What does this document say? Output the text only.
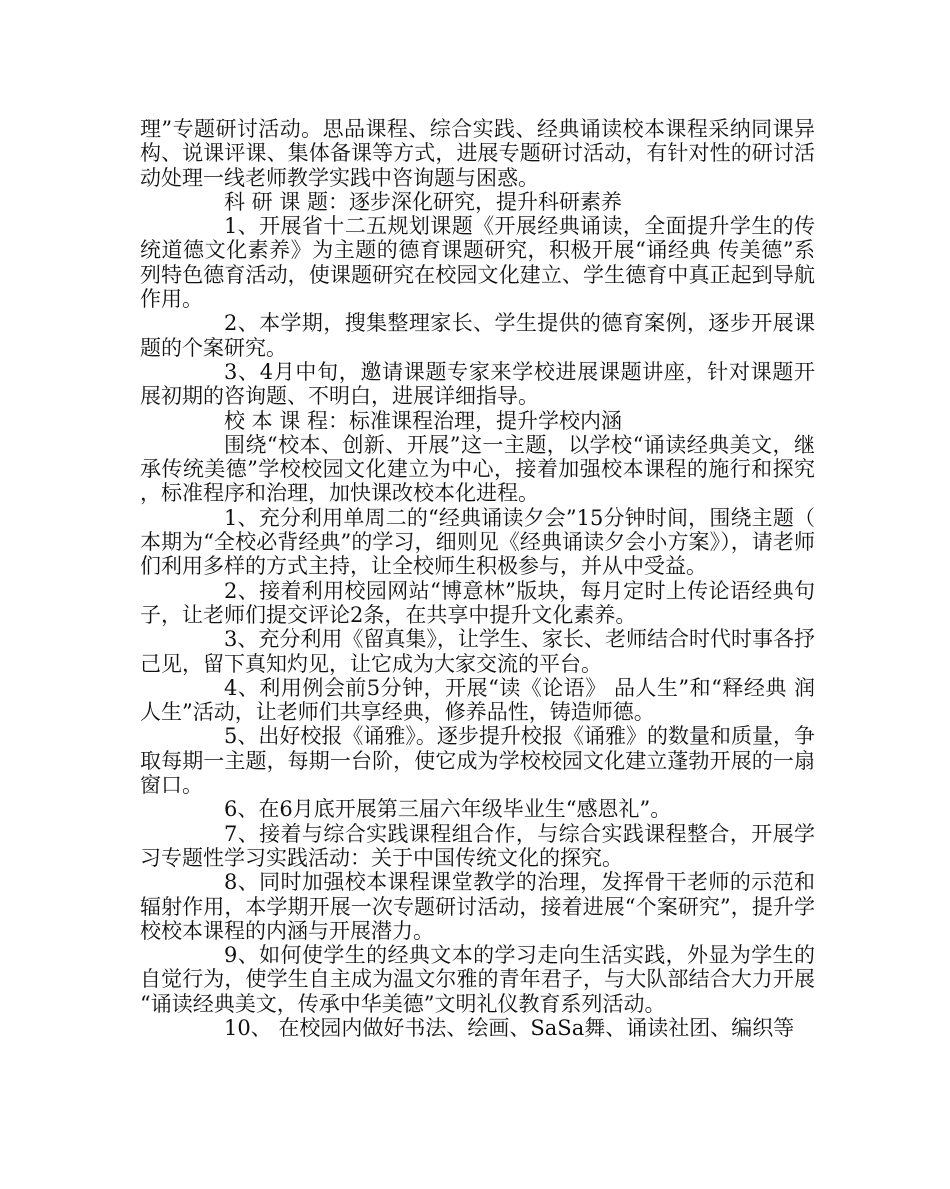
理”专题研讨活动。思品课程、综合实践、经典诵读校本课程采纳同课异构、说课评课、集体备课等方式，进展专题研讨活动，有针对性的研讨活动处理一线老师教学实践中咨询题与困惑。

科 研 课 题：逐步深化研究，提升科研素养

1、开展省十二五规划课题《开展经典诵读，全面提升学生的传统道德文化素养》为主题的德育课题研究，积极开展“诵经典 传美德”系列特色德育活动，使课题研究在校园文化建立、学生德育中真正起到导航作用。

2、本学期，搜集整理家长、学生提供的德育案例，逐步开展课题的个案研究。

3、4月中旬，邀请课题专家来学校进展课题讲座，针对课题开展初期的咨询题、不明白，进展详细指导。

校 本 课 程：标准课程治理，提升学校内涵

围绕“校本、创新、开展”这一主题，以学校“诵读经典美文，继承传统美德”学校校园文化建立为中心，接着加强校本课程的施行和探究，标准程序和治理，加快课改校本化进程。

1、充分利用单周二的“经典诵读夕会”15分钟时间，围绕主题（本期为“全校必背经典”的学习，细则见《经典诵读夕会小方案》），请老师们利用多样的方式主持，让全校师生积极参与，并从中受益。

2、接着利用校园网站“博意林”版块，每月定时上传论语经典句子，让老师们提交评论2条，在共享中提升文化素养。

3、充分利用《留真集》，让学生、家长、老师结合时代时事各抒己见，留下真知灼见，让它成为大家交流的平台。

4、利用例会前5分钟，开展“读《论语》 品人生”和“释经典 润人生”活动，让老师们共享经典，修养品性，铸造师德。

5、出好校报《诵雅》。逐步提升校报《诵雅》的数量和质量，争取每期一主题，每期一台阶，使它成为学校校园文化建立蓬勃开展的一扇窗口。

6、在6月底开展第三届六年级毕业生“感恩礼”。

7、接着与综合实践课程组合作，与综合实践课程整合，开展学习专题性学习实践活动：关于中国传统文化的探究。

8、同时加强校本课程课堂教学的治理，发挥骨干老师的示范和辐射作用，本学期开展一次专题研讨活动，接着进展“个案研究”，提升学校校本课程的内涵与开展潜力。

9、如何使学生的经典文本的学习走向生活实践，外显为学生的自觉行为，使学生自主成为温文尔雅的青年君子，与大队部结合大力开展“诵读经典美文，传承中华美德”文明礼仪教育系列活动。

10、 在校园内做好书法、绘画、SaSa舞、诵读社团、编织等
